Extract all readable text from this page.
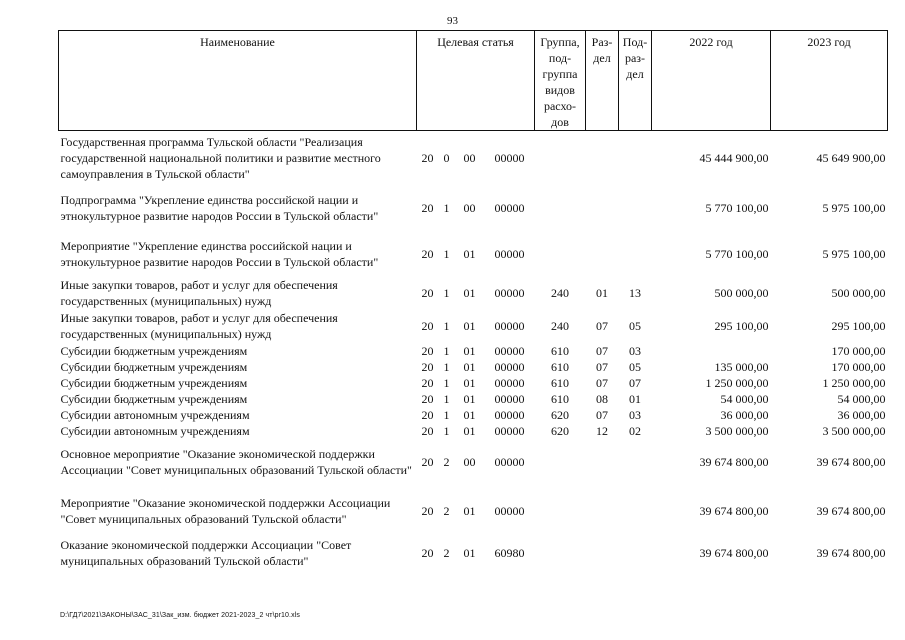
93
Наименование	Целевая статья				Группа, под-группа видов расхо-дов	Раз-дел	Под-раз-дел	2022 год	2023 год
Государственная программа Тульской области "Реализация государственной национальной политики и развитие местного самоуправления в Тульской области"	20	0	00	00000				45 444 900,00	45 649 900,00
Подпрограмма "Укрепление единства российской нации и этнокультурное развитие народов России в Тульской области"	20	1	00	00000				5 770 100,00	5 975 100,00
Мероприятие "Укрепление единства российской нации и этнокультурное развитие народов России в Тульской области"	20	1	01	00000				5 770 100,00	5 975 100,00
Иные закупки товаров, работ и услуг для обеспечения государственных (муниципальных) нужд	20	1	01	00000	240	01	13	500 000,00	500 000,00
Иные закупки товаров, работ и услуг для обеспечения государственных (муниципальных) нужд	20	1	01	00000	240	07	05	295 100,00	295 100,00
Субсидии бюджетным учреждениям	20	1	01	00000	610	07	03		170 000,00
Субсидии бюджетным учреждениям	20	1	01	00000	610	07	05	135 000,00	170 000,00
Субсидии бюджетным учреждениям	20	1	01	00000	610	07	07	1 250 000,00	1 250 000,00
Субсидии бюджетным учреждениям	20	1	01	00000	610	08	01	54 000,00	54 000,00
Субсидии автономным учреждениям	20	1	01	00000	620	07	03	36 000,00	36 000,00
Субсидии автономным учреждениям	20	1	01	00000	620	12	02	3 500 000,00	3 500 000,00
Основное мероприятие "Оказание экономической поддержки Ассоциации "Совет муниципальных образований Тульской области"	20	2	00	00000				39 674 800,00	39 674 800,00
Мероприятие "Оказание экономической поддержки Ассоциации "Совет муниципальных образований Тульской области"	20	2	01	00000				39 674 800,00	39 674 800,00
Оказание экономической поддержки Ассоциации "Совет муниципальных образований Тульской области"	20	2	01	60980				39 674 800,00	39 674 800,00
D:\ГД7\2021\ЗАКОНЫ\ЗАС_31\Зак_изм. бюджет 2021-2023_2 чт\pr10.xls
